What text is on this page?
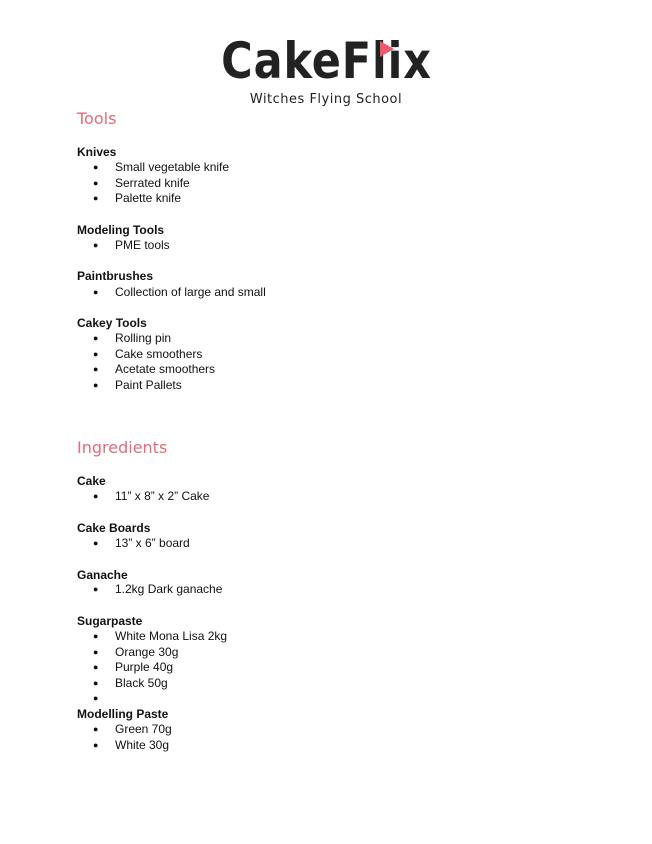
CakeFlix
Witches Flying School
Tools
Knives
● Small vegetable knife
● Serrated knife
● Palette knife
Modeling Tools
● PME tools
Paintbrushes
● Collection of large and small
Cakey Tools
● Rolling pin
● Cake smoothers
● Acetate smoothers
● Paint Pallets
Ingredients
Cake
● 11” x 8” x 2” Cake
Cake Boards
● 13” x 6” board
Ganache
● 1.2kg Dark ganache
Sugarpaste
● White Mona Lisa 2kg
● Orange 30g
● Purple 40g
● Black 50g
●
Modelling Paste
● Green 70g
● White 30g
